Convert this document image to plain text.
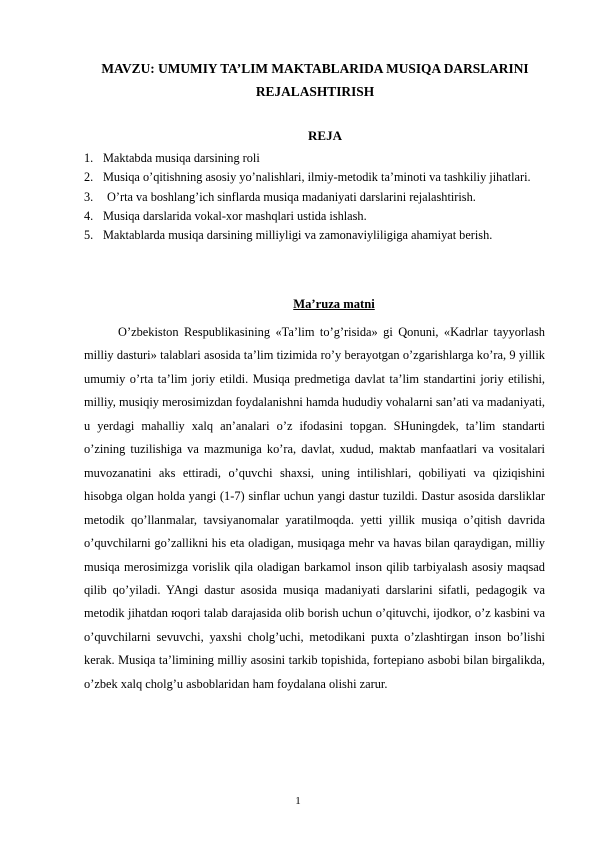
MAVZU: UMUMIY TA’LIM MAKTABLARIDA MUSIQA DARSLARINI REJALASHTIRISH
REJA
1. Maktabda musiqa darsining roli
2. Musiqa o’qitishning asosiy yo’nalishlari, ilmiy-metodik ta’minoti va tashkiliy jihatlari.
3. O’rta va boshlang’ich sinflarda musiqa madaniyati darslarini rejalashtirish.
4. Musiqa darslarida vokal-xor mashqlari ustida ishlash.
5. Maktablarda musiqa darsining milliyligi va zamonaviyliligiga ahamiyat berish.
Ma’ruza matni

O’zbekiston Respublikasining «Ta’lim to’g’risida» gi Qonuni, «Kadrlar tayyorlash milliy dasturi» talablari asosida ta’lim tizimida ro’y berayotgan o’zgarishlarga ko’ra, 9 yillik umumiy o’rta ta’lim joriy etildi. Musiqa predmetiga davlat ta’lim standartini joriy etilishi, milliy, musiqiy merosimizdan foydalanishni hamda hududiy vohalarni san’ati va madaniyati, u yerdagi mahalliy xalq an’analari o’z ifodasini topgan. SHuningdek, ta’lim standarti o’zining tuzilishiga va mazmuniga ko’ra, davlat, xudud, maktab manfaatlari va vositalari muvozanatini aks ettiradi, o’quvchi shaxsi, uning intilishlari, qobiliyati va qiziqishini hisobga olgan holda yangi (1-7) sinflar uchun yangi dastur tuzildi. Dastur asosida darsliklar metodik qo’llanmalar, tavsiyanomalar yaratilmoqda. yetti yillik musiqa o’qitish davrida o’quvchilarni go’zallikni his eta oladigan, musiqaga mehr va havas bilan qaraydigan, milliy musiqa merosimizga vorislik qila oladigan barkamol inson qilib tarbiyalash asosiy maqsad qilib qo’yiladi. YAngi dastur asosida musiqa madaniyati darslarini sifatli, pedagogik va metodik jihatdan юqori talab darajasida olib borish uchun o’qituvchi, ijodkor, o’z kasbini va o’quvchilarni sevuvchi, yaxshi cholg’uchi, metodikani puxta o’zlashtirgan inson bo’lishi kerak. Musiqa ta’limining milliy asosini tarkib topishida, fortepiano asbobi bilan birgalikda, o’zbek xalq cholg’u asboblaridan ham foydalana olishi zarur.

1
